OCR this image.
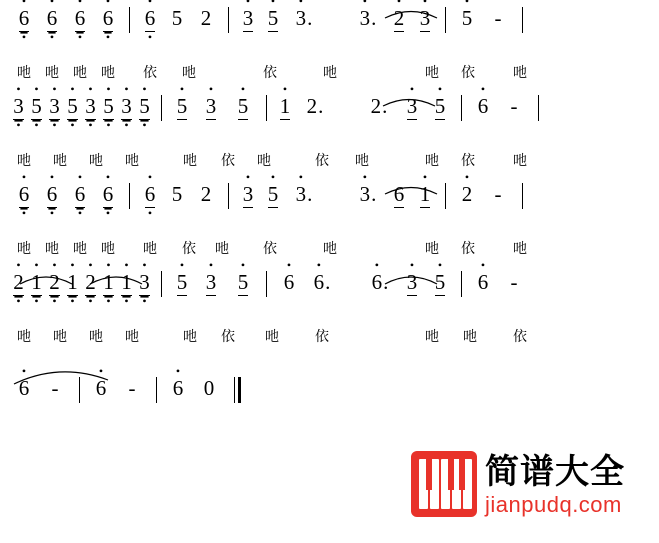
• 6 • • 6 • • 6 • • 6 •	• 6 • 5 2	• 3 • 5 • 3.	• 3. • 2 • 3	• 5	-
吔 吔 吔 吔 依 吔	依	吔	吔 依	吔
• 3 • • 5 • • 3 • • 5 • • 3 • • 5 • • 3 • • 5 •	• 5 • 3	• 5	• 1 2.	2. • 3 • 5	• 6	-
吔 吔 吔 吔	吔 依 吔	依 吔	吔 依	吔
• 6 • • 6 • • 6 • • 6 •	• 6 • 5 2	• 3 • 5 • 3.	• 3. 6 • 1	• 2	-
吔 吔 吔 吔 吔 依 吔 依	吔	吔 依	吔
• 2 • • 1 • • 2 • • 1 • • 2 • • 1 • • 1 • • 3 •	• 5 • 3	• 5	• 6 • 6.	• 6. • 3 • 5	• 6	-
吔 吔 吔 吔	吔 依 吔	依	吔 吔	依
• 6	-	• 6	-	• 6 0
简谱大全
jianpudq.com
